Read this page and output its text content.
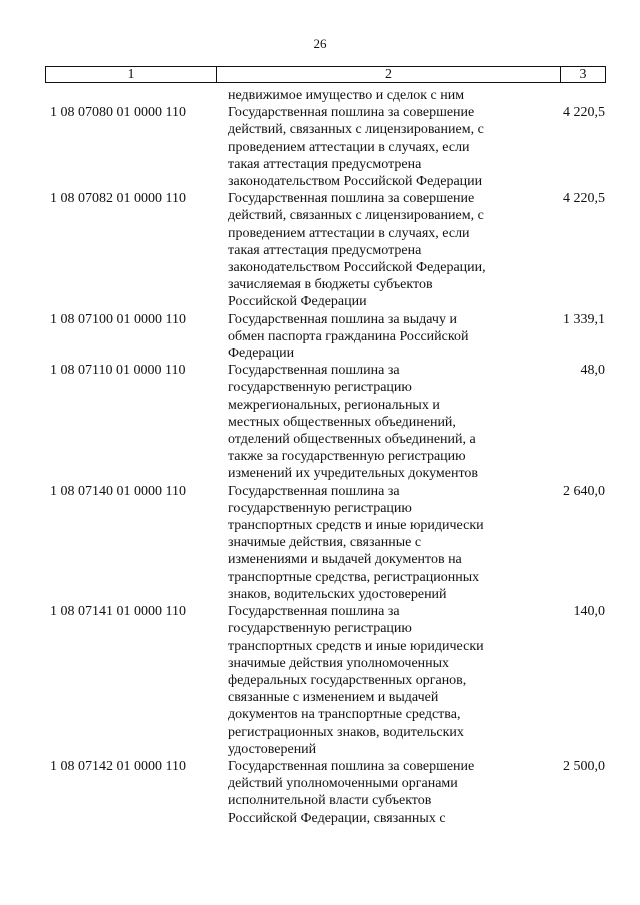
26
1	2	3
недвижимое имущество и сделок с ним
1 08 07080 01 0000 110	Государственная пошлина за совершение
действий, связанных с лицензированием, с
проведением аттестации в случаях, если
такая аттестация предусмотрена
законодательством Российской Федерации
4 220,5
1 08 07082 01 0000 110	Государственная пошлина за совершение
действий, связанных с лицензированием, с
проведением аттестации в случаях, если
такая аттестация предусмотрена
законодательством Российской Федерации,
зачисляемая в бюджеты субъектов
Российской Федерации
4 220,5
1 08 07100 01 0000 110	Государственная пошлина за выдачу и
обмен паспорта гражданина Российской
Федерации
1 339,1
1 08 07110 01 0000 110	Государственная пошлина за
государственную регистрацию
межрегиональных, региональных и
местных общественных объединений,
отделений общественных объединений, а
также за государственную регистрацию
изменений их учредительных документов
48,0
1 08 07140 01 0000 110	Государственная пошлина за
государственную регистрацию
транспортных средств и иные юридически
значимые действия, связанные с
изменениями и выдачей документов на
транспортные средства, регистрационных
знаков, водительских удостоверений
2 640,0
1 08 07141 01 0000 110	Государственная пошлина за
государственную регистрацию
транспортных средств и иные юридически
значимые действия уполномоченных
федеральных государственных органов,
связанные с изменением и выдачей
документов на транспортные средства,
регистрационных знаков, водительских
удостоверений
140,0
1 08 07142 01 0000 110	Государственная пошлина за совершение
действий уполномоченными органами
исполнительной власти субъектов
Российской Федерации, связанных с
2 500,0
